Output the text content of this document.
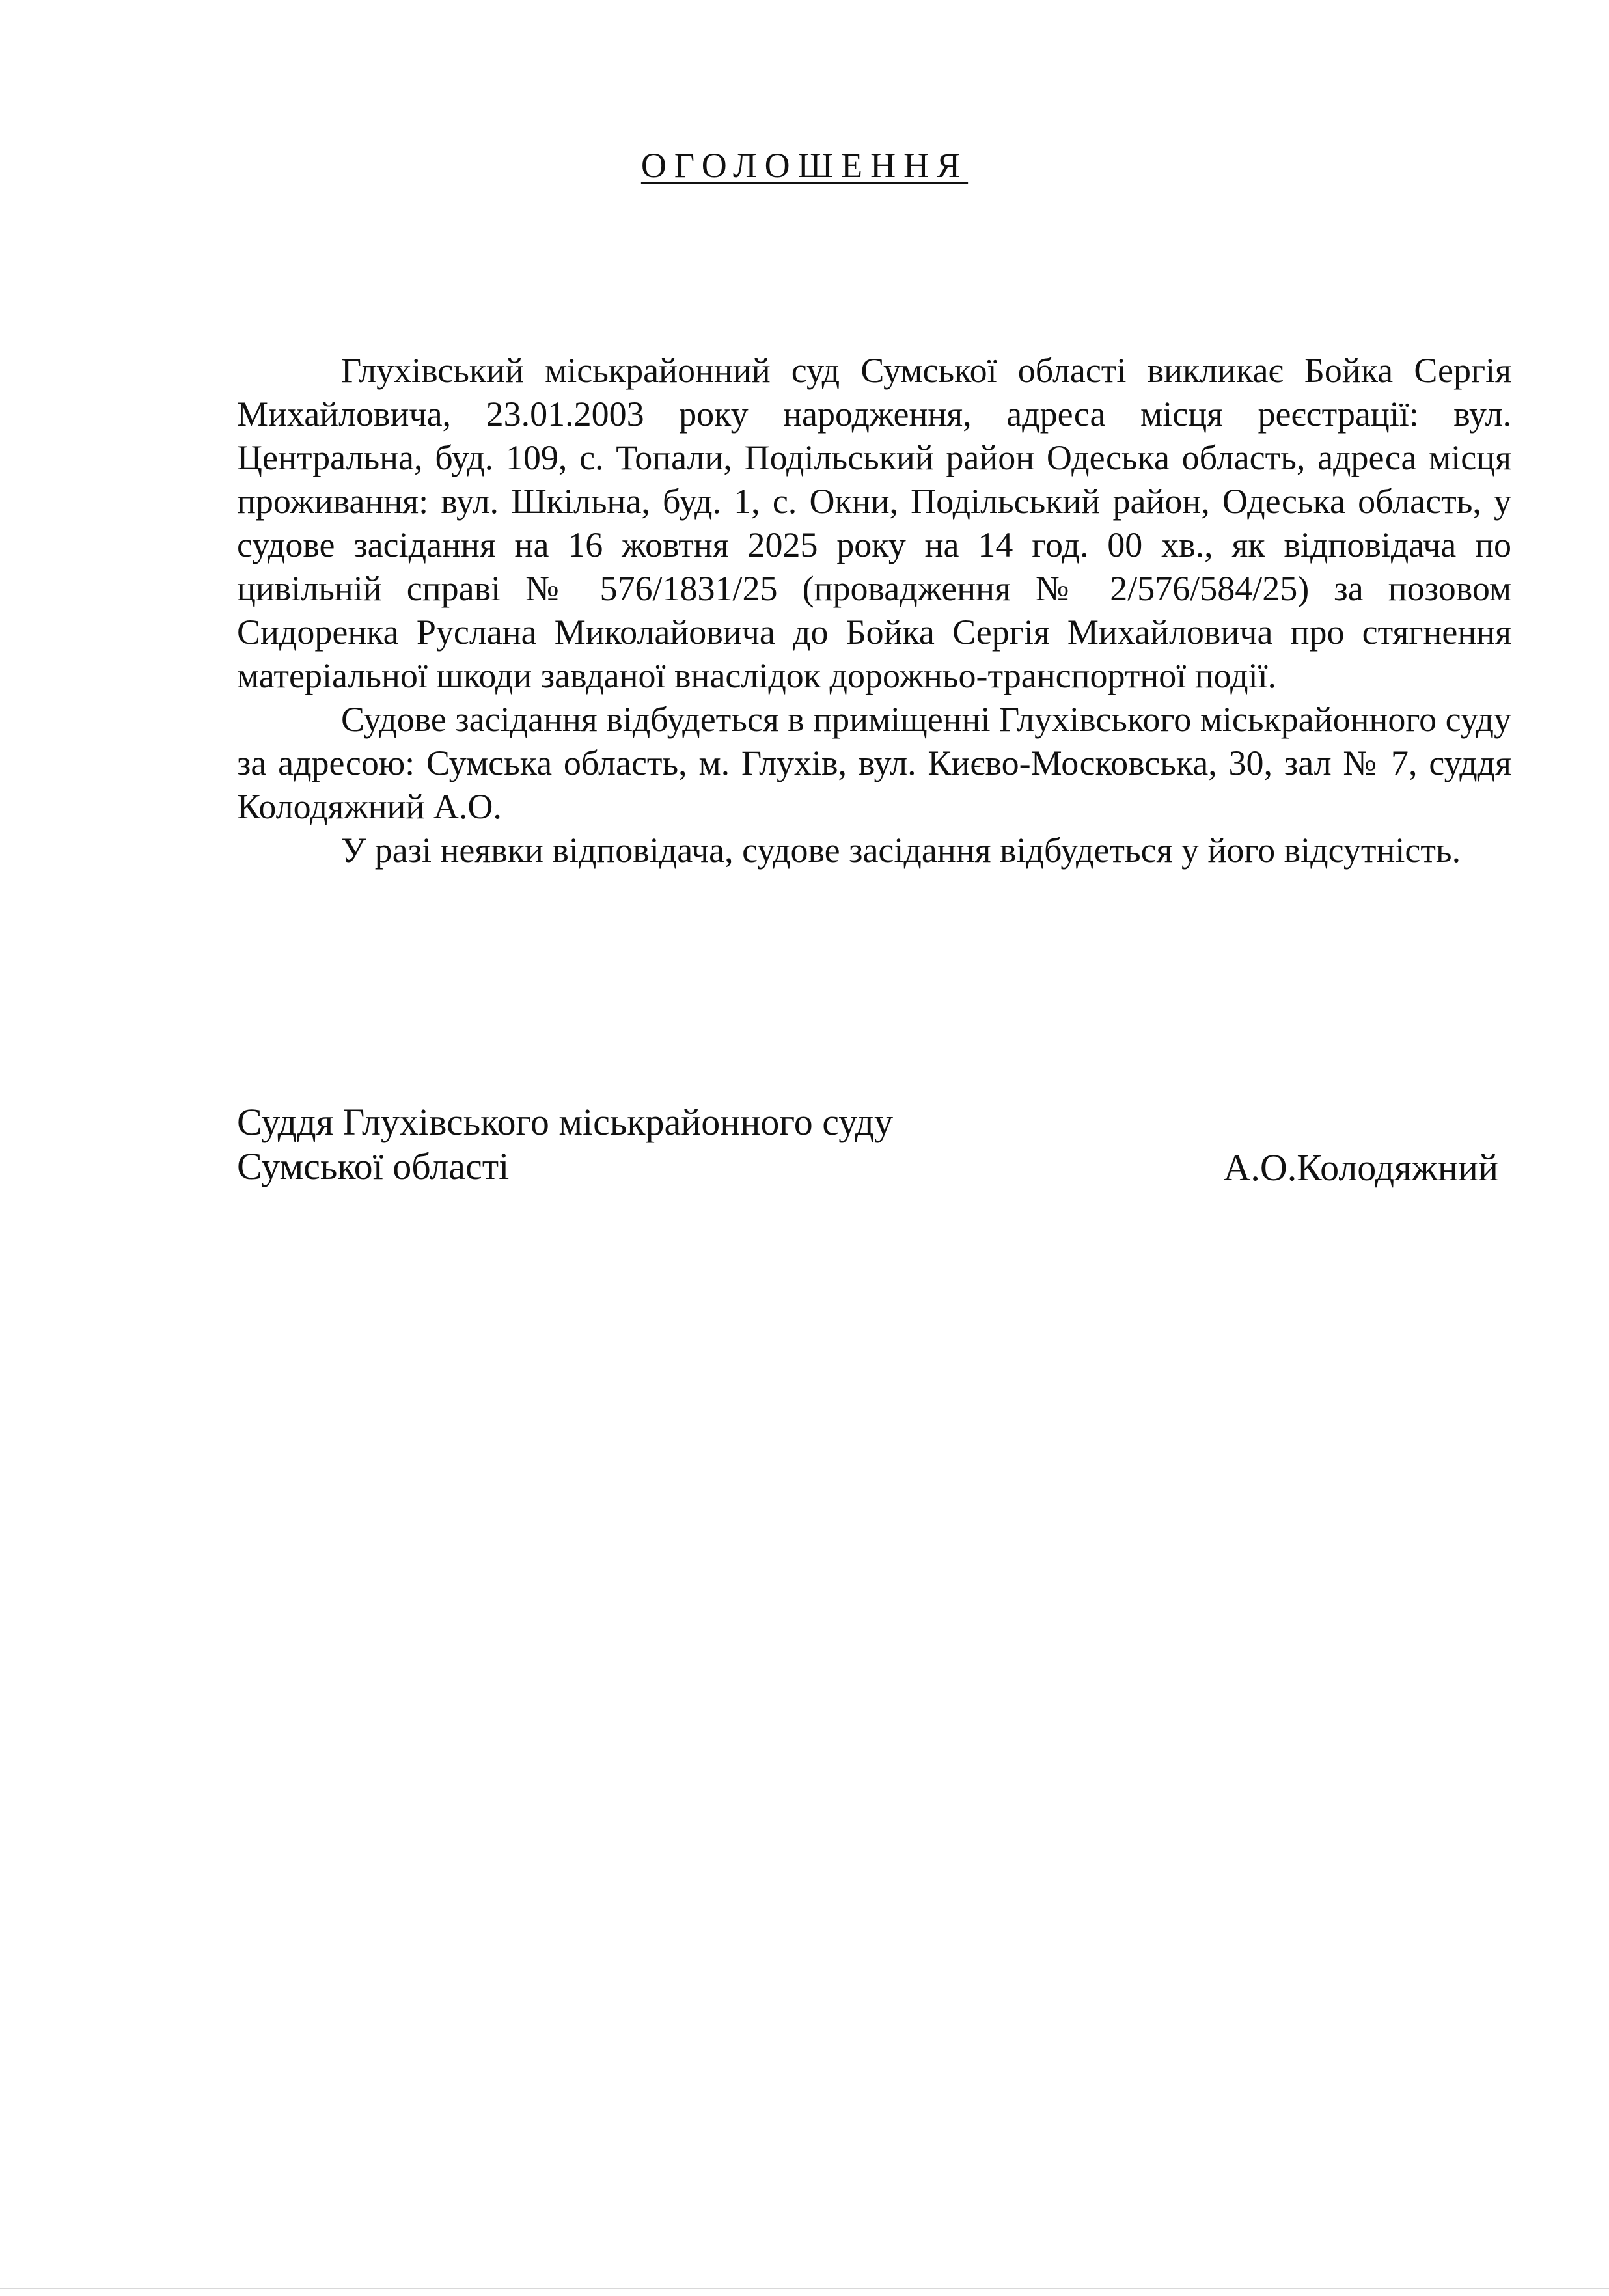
ОГОЛОШЕННЯ

Глухівський міськрайонний суд Сумської області викликає Бойка Сергія Михайловича, 23.01.2003 року народження, адреса місця реєстрації: вул. Центральна, буд. 109, с. Топали, Подільський район Одеська область, адреса місця проживання: вул. Шкільна, буд. 1, с. Окни, Подільський район, Одеська область, у судове засідання на 16 жовтня 2025 року на 14 год. 00 хв., як відповідача по цивільній справі № 576/1831/25 (провадження № 2/576/584/25) за позовом Сидоренка Руслана Миколайовича до Бойка Сергія Михайловича про стягнення матеріальної шкоди завданої внаслідок дорожньо-транспортної події.

Судове засідання відбудеться в приміщенні Глухівського міськрайонного суду за адресою: Сумська область, м. Глухів, вул. Києво-Московська, 30, зал № 7, суддя Колодяжний А.О.

У разі неявки відповідача, судове засідання відбудеться у його відсутність.

Суддя Глухівського міськрайонного суду
Сумської області	А.О.Колодяжний
